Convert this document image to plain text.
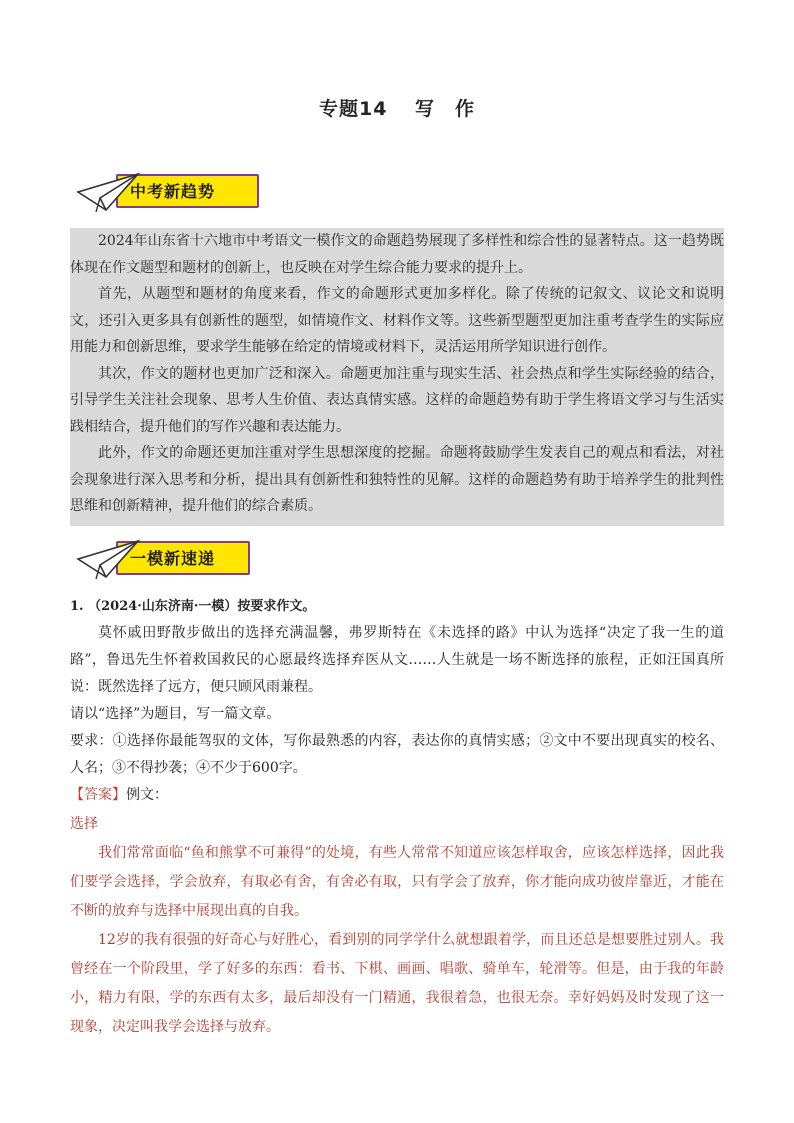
专题14　 写　作
中考新趋势

2024年山东省十六地市中考语文一模作文的命题趋势展现了多样性和综合性的显著特点。这一趋势既体现在作文题型和题材的创新上，也反映在对学生综合能力要求的提升上。

首先，从题型和题材的角度来看，作文的命题形式更加多样化。除了传统的记叙文、议论文和说明文，还引入更多具有创新性的题型，如情境作文、材料作文等。这些新型题型更加注重考查学生的实际应用能力和创新思维，要求学生能够在给定的情境或材料下，灵活运用所学知识进行创作。

其次，作文的题材也更加广泛和深入。命题更加注重与现实生活、社会热点和学生实际经验的结合，引导学生关注社会现象、思考人生价值、表达真情实感。这样的命题趋势有助于学生将语文学习与生活实践相结合，提升他们的写作兴趣和表达能力。

此外，作文的命题还更加注重对学生思想深度的挖掘。命题将鼓励学生发表自己的观点和看法，对社会现象进行深入思考和分析，提出具有创新性和独特性的见解。这样的命题趋势有助于培养学生的批判性思维和创新精神，提升他们的综合素质。

一模新速递
1. （2024·山东济南·一模）按要求作文。

莫怀戚田野散步做出的选择充满温馨，弗罗斯特在《未选择的路》中认为选择“决定了我一生的道路”，鲁迅先生怀着救国救民的心愿最终选择弃医从文……人生就是一场不断选择的旅程，正如汪国真所说：既然选择了远方，便只顾风雨兼程。

请以“选择”为题目，写一篇文章。

要求：①选择你最能驾驭的文体，写你最熟悉的内容，表达你的真情实感；②文中不要出现真实的校名、人名；③不得抄袭；④不少于600字。

【答案】例文：

选择

我们常常面临“鱼和熊掌不可兼得”的处境，有些人常常不知道应该怎样取舍，应该怎样选择，因此我们要学会选择，学会放弃，有取必有舍，有舍必有取，只有学会了放弃，你才能向成功彼岸靠近，才能在不断的放弃与选择中展现出真的自我。

12岁的我有很强的好奇心与好胜心，看到别的同学学什么就想跟着学，而且还总是想要胜过别人。我曾经在一个阶段里，学了好多的东西：看书、下棋、画画、唱歌、骑单车，轮滑等。但是，由于我的年龄小，精力有限，学的东西有太多，最后却没有一门精通，我很着急，也很无奈。幸好妈妈及时发现了这一现象，决定叫我学会选择与放弃。
